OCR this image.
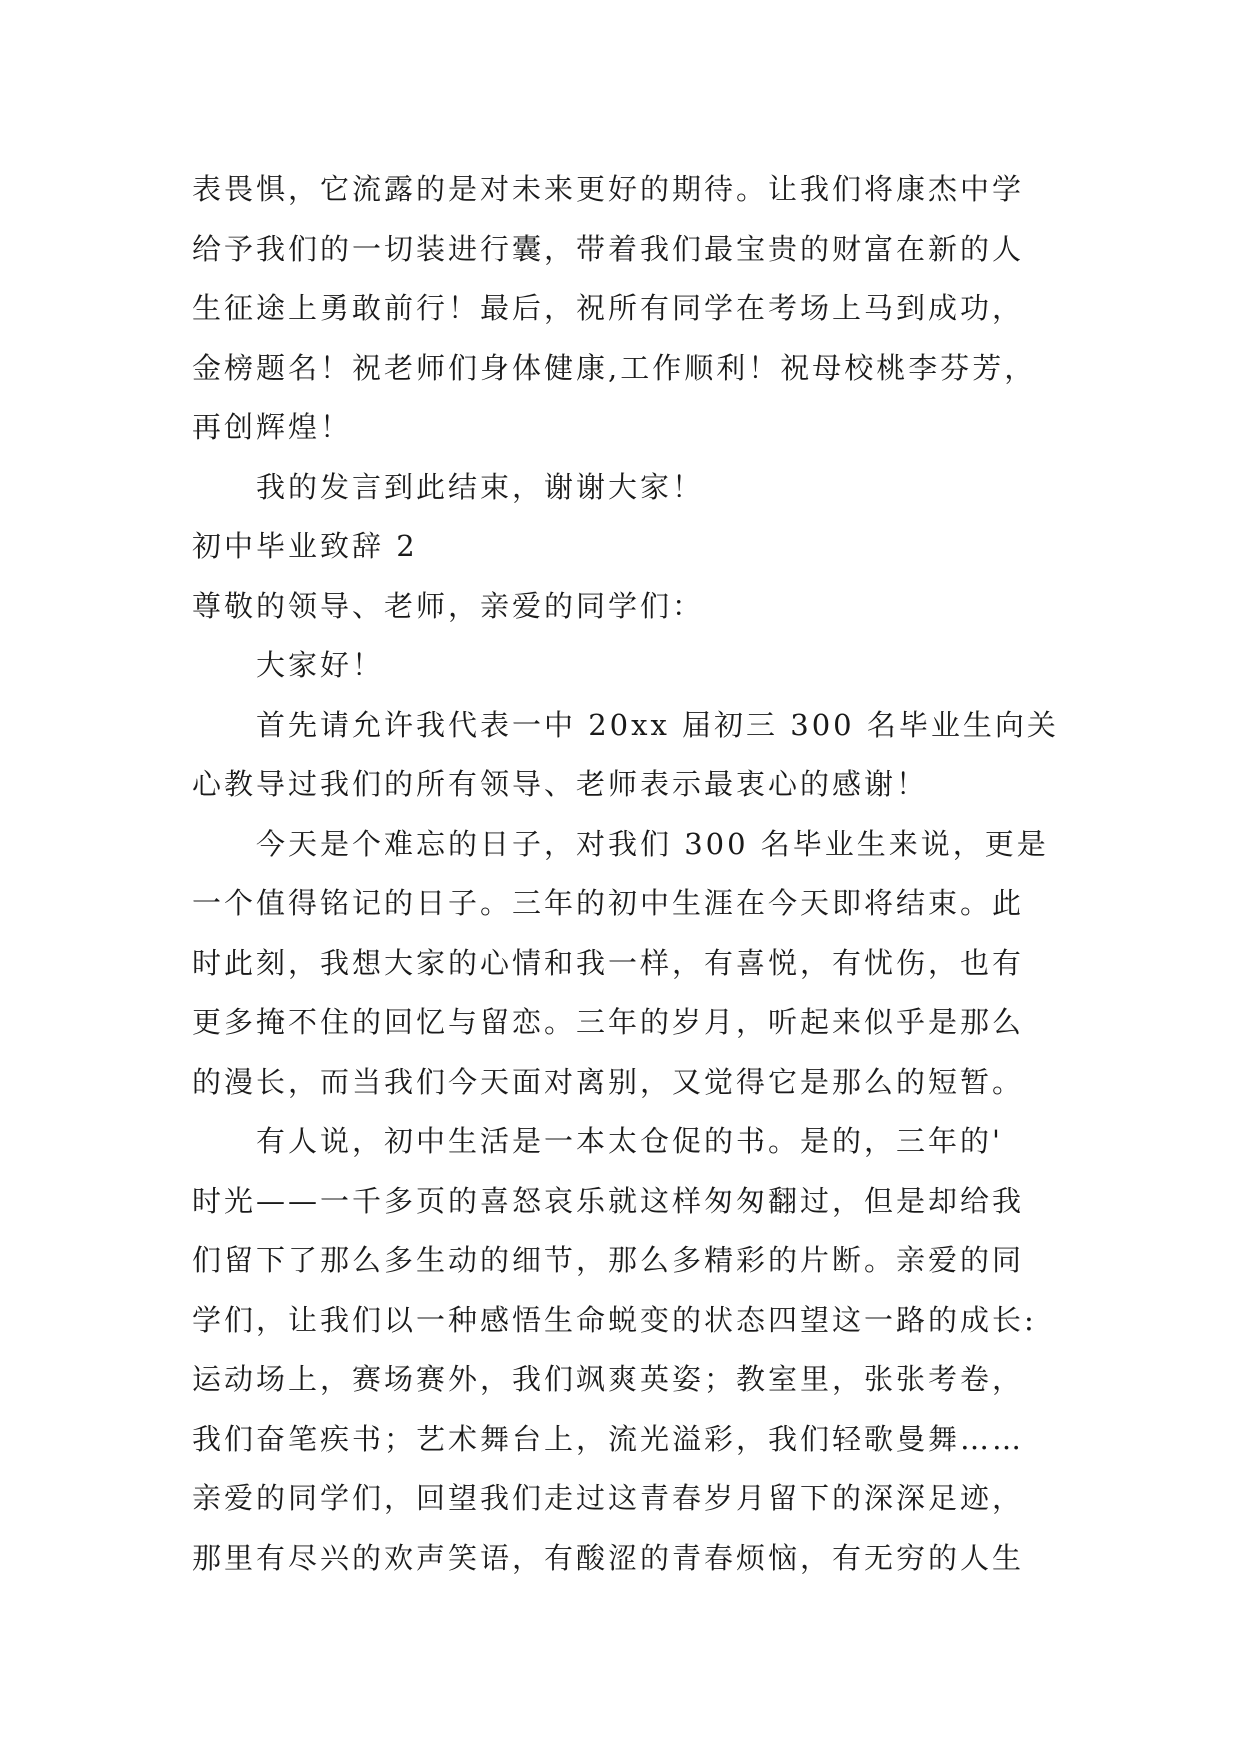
表畏惧，它流露的是对未来更好的期待。让我们将康杰中学
给予我们的一切装进行囊，带着我们最宝贵的财富在新的人
生征途上勇敢前行！最后，祝所有同学在考场上马到成功，
金榜题名！祝老师们身体健康,工作顺利！祝母校桃李芬芳，
再创辉煌！
我的发言到此结束，谢谢大家！
初中毕业致辞 2
尊敬的领导、老师，亲爱的同学们：
大家好！
首先请允许我代表一中 20xx 届初三 300 名毕业生向关
心教导过我们的所有领导、老师表示最衷心的感谢！
今天是个难忘的日子，对我们 300 名毕业生来说，更是
一个值得铭记的日子。三年的初中生涯在今天即将结束。此
时此刻，我想大家的心情和我一样，有喜悦，有忧伤，也有
更多掩不住的回忆与留恋。三年的岁月，听起来似乎是那么
的漫长，而当我们今天面对离别，又觉得它是那么的短暂。
有人说，初中生活是一本太仓促的书。是的，三年的'
时光——一千多页的喜怒哀乐就这样匆匆翻过，但是却给我
们留下了那么多生动的细节，那么多精彩的片断。亲爱的同
学们，让我们以一种感悟生命蜕变的状态四望这一路的成长:
运动场上，赛场赛外，我们飒爽英姿；教室里，张张考卷，
我们奋笔疾书；艺术舞台上，流光溢彩，我们轻歌曼舞……
亲爱的同学们，回望我们走过这青春岁月留下的深深足迹，
那里有尽兴的欢声笑语，有酸涩的青春烦恼，有无穷的人生
